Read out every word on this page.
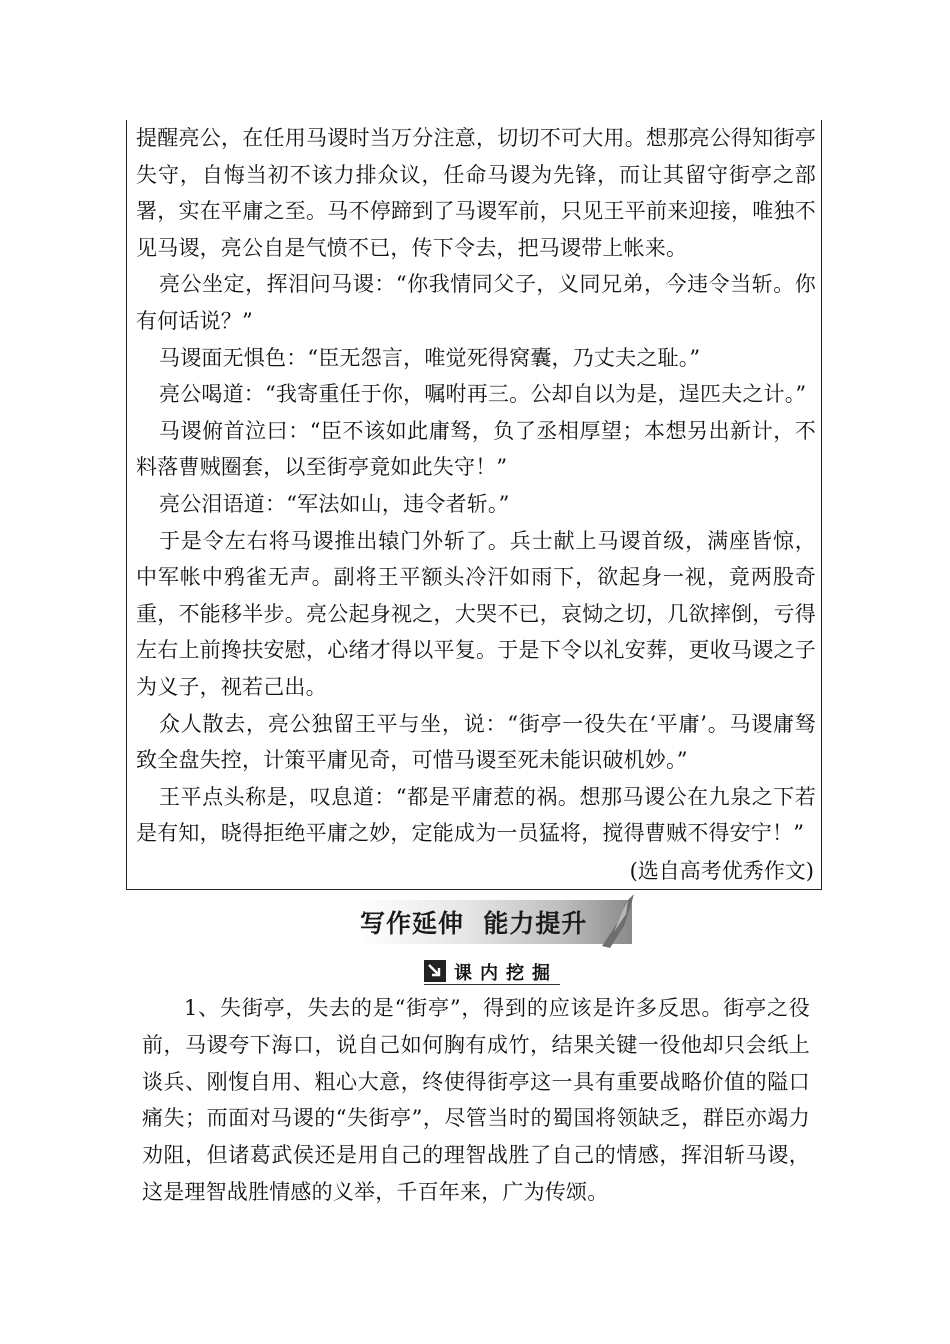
提醒亮公，在任用马谡时当万分注意，切切不可大用。想那亮公得知街亭失守，自悔当初不该力排众议，任命马谡为先锋，而让其留守街亭之部署，实在平庸之至。马不停蹄到了马谡军前，只见王平前来迎接，唯独不见马谡，亮公自是气愤不已，传下令去，把马谡带上帐来。

亮公坐定，挥泪问马谡：“你我情同父子，义同兄弟，今违令当斩。你有何话说？”

马谡面无惧色：“臣无怨言，唯觉死得窝囊，乃丈夫之耻。”

亮公喝道：“我寄重任于你，嘱咐再三。公却自以为是，逞匹夫之计。”

马谡俯首泣曰：“臣不该如此庸驽，负了丞相厚望；本想另出新计，不料落曹贼圈套，以至街亭竟如此失守！”

亮公泪语道：“军法如山，违令者斩。”

于是令左右将马谡推出辕门外斩了。兵士献上马谡首级，满座皆惊，中军帐中鸦雀无声。副将王平额头冷汗如雨下，欲起身一视，竟两股奇重，不能移半步。亮公起身视之，大哭不已，哀恸之切，几欲摔倒，亏得左右上前搀扶安慰，心绪才得以平复。于是下令以礼安葬，更收马谡之子为义子，视若己出。

众人散去，亮公独留王平与坐，说：“街亭一役失在‘平庸’。马谡庸驽致全盘失控，计策平庸见奇，可惜马谡至死未能识破机妙。”

王平点头称是，叹息道：“都是平庸惹的祸。想那马谡公在九泉之下若是有知，晓得拒绝平庸之妙，定能成为一员猛将，搅得曹贼不得安宁！”

(选自高考优秀作文)

写作延伸  能力提升
课内挖掘

1、失街亭，失去的是“街亭”，得到的应该是许多反思。街亭之役前，马谡夸下海口，说自己如何胸有成竹，结果关键一役他却只会纸上谈兵、刚愎自用、粗心大意，终使得街亭这一具有重要战略价值的隘口痛失；而面对马谡的“失街亭”，尽管当时的蜀国将领缺乏，群臣亦竭力劝阻，但诸葛武侯还是用自己的理智战胜了自己的情感，挥泪斩马谡，这是理智战胜情感的义举，千百年来，广为传颂。
